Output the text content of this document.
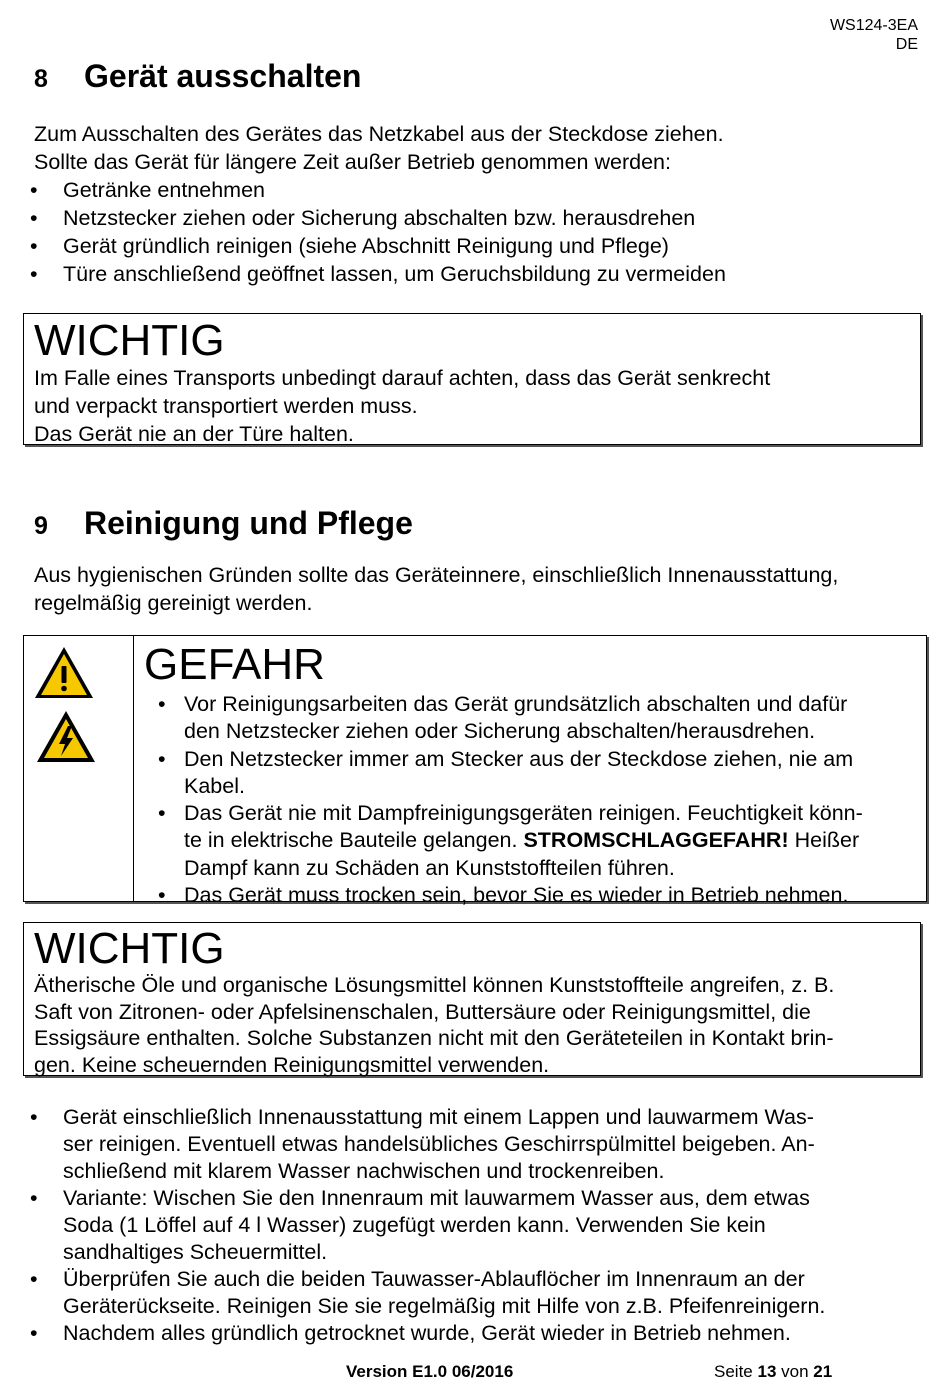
WS124-3EA
DE
8 Gerät ausschalten
Zum Ausschalten des Gerätes das Netzkabel aus der Steckdose ziehen.
Sollte das Gerät für längere Zeit außer Betrieb genommen werden:
• Getränke entnehmen
• Netzstecker ziehen oder Sicherung abschalten bzw. herausdrehen
• Gerät gründlich reinigen (siehe Abschnitt Reinigung und Pflege)
• Türe anschließend geöffnet lassen, um Geruchsbildung zu vermeiden
WICHTIG
Im Falle eines Transports unbedingt darauf achten, dass das Gerät senkrecht
und verpackt transportiert werden muss.
Das Gerät nie an der Türe halten.
9 Reinigung und Pflege
Aus hygienischen Gründen sollte das Geräteinnere, einschließlich Innenausstattung,
regelmäßig gereinigt werden.
GEFAHR
• Vor Reinigungsarbeiten das Gerät grundsätzlich abschalten und dafür
den Netzstecker ziehen oder Sicherung abschalten/herausdrehen.
• Den Netzstecker immer am Stecker aus der Steckdose ziehen, nie am
Kabel.
• Das Gerät nie mit Dampfreinigungsgeräten reinigen. Feuchtigkeit könn-
te in elektrische Bauteile gelangen. STROMSCHLAGGEFAHR! Heißer
Dampf kann zu Schäden an Kunststoffteilen führen.
• Das Gerät muss trocken sein, bevor Sie es wieder in Betrieb nehmen.
WICHTIG
Ätherische Öle und organische Lösungsmittel können Kunststoffteile angreifen, z. B.
Saft von Zitronen- oder Apfelsinenschalen, Buttersäure oder Reinigungsmittel, die
Essigsäure enthalten. Solche Substanzen nicht mit den Geräteteilen in Kontakt brin-
gen. Keine scheuernden Reinigungsmittel verwenden.
• Gerät einschließlich Innenausstattung mit einem Lappen und lauwarmem Was-
ser reinigen. Eventuell etwas handelsübliches Geschirrspülmittel beigeben. An-
schließend mit klarem Wasser nachwischen und trockenreiben.
• Variante: Wischen Sie den Innenraum mit lauwarmem Wasser aus, dem etwas
Soda (1 Löffel auf 4 l Wasser) zugefügt werden kann. Verwenden Sie kein
sandhaltiges Scheuermittel.
• Überprüfen Sie auch die beiden Tauwasser-Ablauflöcher im Innenraum an der
Geräterückseite. Reinigen Sie sie regelmäßig mit Hilfe von z.B. Pfeifenreinigern.
• Nachdem alles gründlich getrocknet wurde, Gerät wieder in Betrieb nehmen.
Version E1.0 06/2016	Seite 13 von 21
